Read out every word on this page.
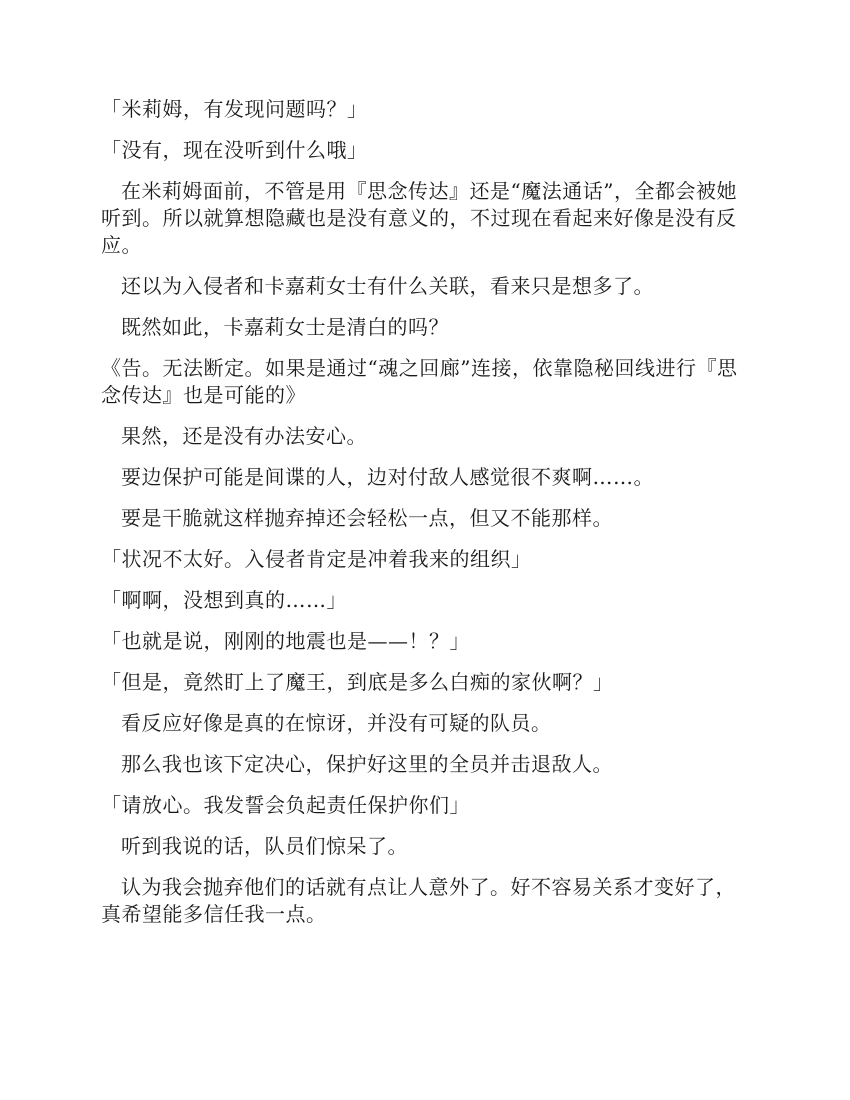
「米莉姆，有发现问题吗？」

「没有，现在没听到什么哦」

在米莉姆面前，不管是用『思念传达』还是“魔法通话”，全都会被她听到。所以就算想隐藏也是没有意义的，不过现在看起来好像是没有反应。

还以为入侵者和卡嘉莉女士有什么关联，看来只是想多了。

既然如此，卡嘉莉女士是清白的吗？

《告。无法断定。如果是通过“魂之回廊”连接，依靠隐秘回线进行『思念传达』也是可能的》

果然，还是没有办法安心。

要边保护可能是间谍的人，边对付敌人感觉很不爽啊……。

要是干脆就这样抛弃掉还会轻松一点，但又不能那样。

「状况不太好。入侵者肯定是冲着我来的组织」

「啊啊，没想到真的……」

「也就是说，刚刚的地震也是——！？」

「但是，竟然盯上了魔王，到底是多么白痴的家伙啊？」

看反应好像是真的在惊讶，并没有可疑的队员。

那么我也该下定决心，保护好这里的全员并击退敌人。

「请放心。我发誓会负起责任保护你们」

听到我说的话，队员们惊呆了。

认为我会抛弃他们的话就有点让人意外了。好不容易关系才变好了，真希望能多信任我一点。
